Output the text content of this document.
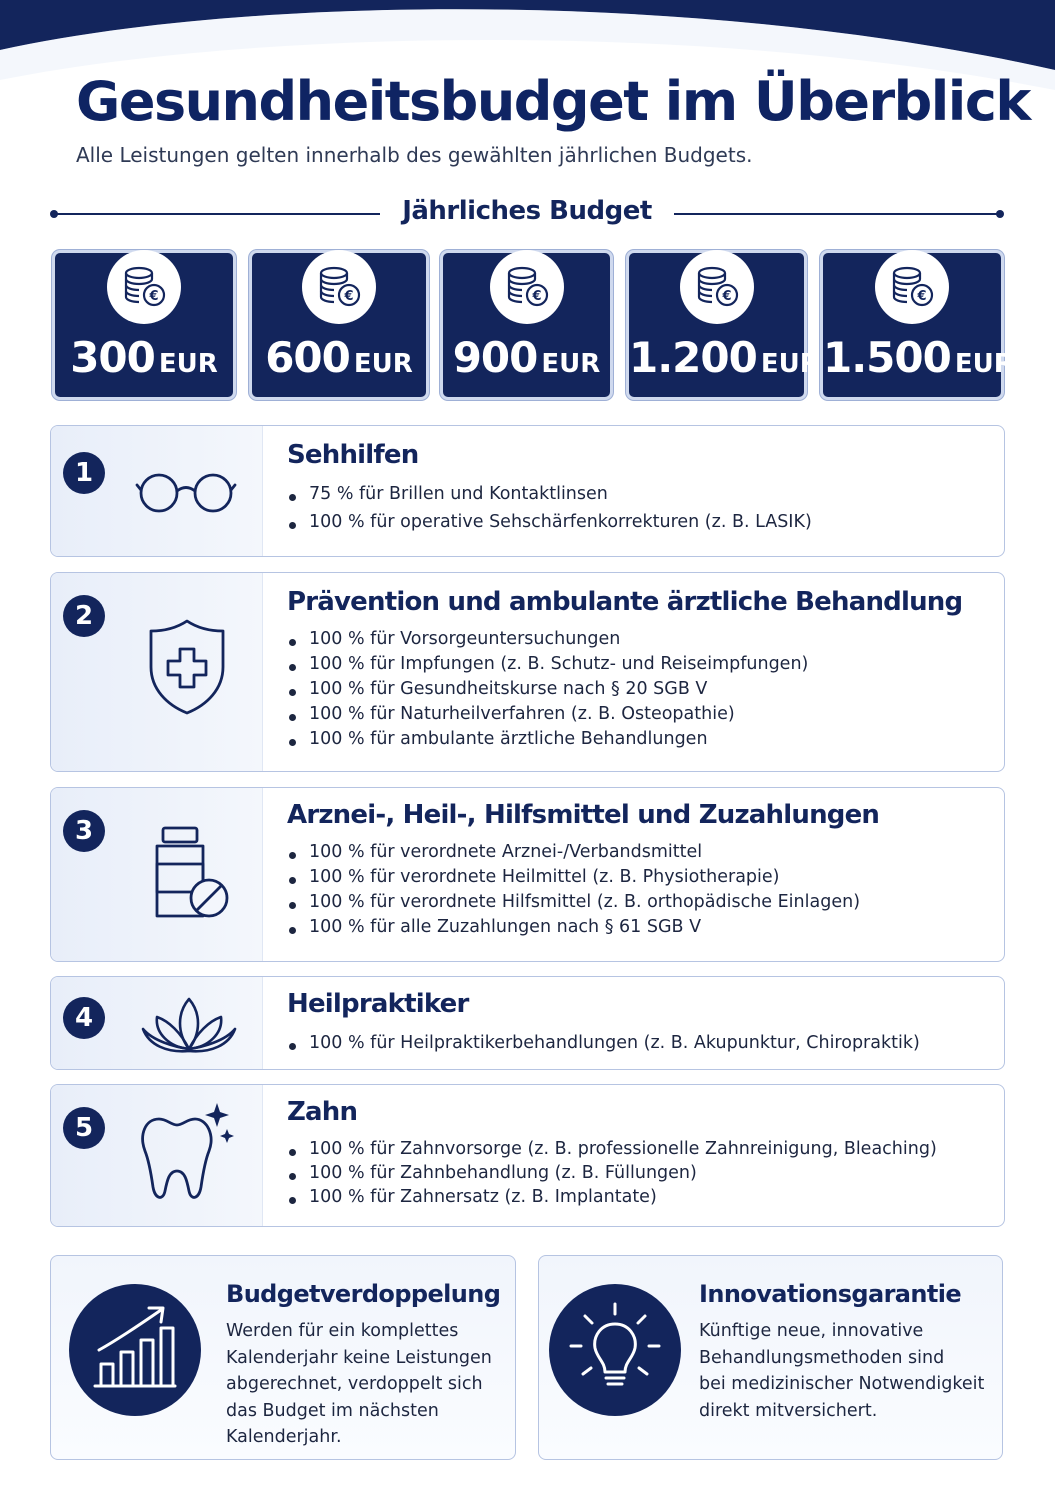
Gesundheitsbudget im Überblick
Alle Leistungen gelten innerhalb des gewählten jährlichen Budgets.
Jährliches Budget
€
300 EUR
€
600 EUR
€
900 EUR
€
1.200 EUR
€
1.500 EUR
1
Sehhilfen
75 % für Brillen und Kontaktlinsen
100 % für operative Sehschärfenkorrekturen (z. B. LASIK)
2	Prävention und ambulante ärztliche Behandlung
100 % für Vorsorgeuntersuchungen
100 % für Impfungen (z. B. Schutz- und Reiseimpfungen)
100 % für Gesundheitskurse nach § 20 SGB V
100 % für Naturheilverfahren (z. B. Osteopathie)
100 % für ambulante ärztliche Behandlungen
3
Arznei-, Heil-, Hilfsmittel und Zuzahlungen
100 % für verordnete Arznei-/Verbandsmittel
100 % für verordnete Heilmittel (z. B. Physiotherapie)
100 % für verordnete Hilfsmittel (z. B. orthopädische Einlagen)
100 % für alle Zuzahlungen nach § 61 SGB V
4	Heilpraktiker
100 % für Heilpraktikerbehandlungen (z. B. Akupunktur, Chiropraktik)
5
Zahn
100 % für Zahnvorsorge (z. B. professionelle Zahnreinigung, Bleaching)
100 % für Zahnbehandlung (z. B. Füllungen)
100 % für Zahnersatz (z. B. Implantate)
Budgetverdoppelung

Werden für ein komplettes
Kalenderjahr keine Leistungen
abgerechnet, verdoppelt sich
das Budget im nächsten
Kalenderjahr.

Innovationsgarantie

Künftige neue, innovative
Behandlungsmethoden sind
bei medizinischer Notwendigkeit
direkt mitversichert.
